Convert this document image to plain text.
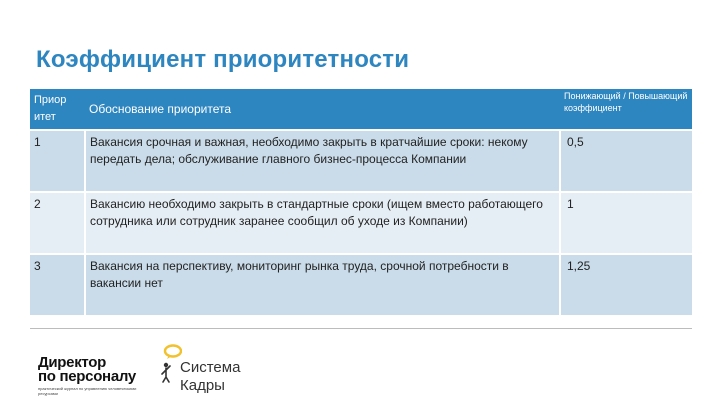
Коэффициент приоритетности
Приор итет	Обоснование приоритета	Понижающий / Повышающий коэффициент
1	Вакансия срочная и важная, необходимо закрыть в кратчайшие сроки: некому передать дела; обслуживание главного бизнес-процесса Компании	0,5
2	Вакансию необходимо закрыть в стандартные сроки (ищем вместо работающего сотрудника или сотрудник заранее сообщил об уходе из Компании)	1
3	Вакансия на перспективу, мониторинг рынка труда, срочной потребности в вакансии нет	1,25
Директор
по персоналу
практический журнал по управлению человеческими ресурсами
Система
Кадры
